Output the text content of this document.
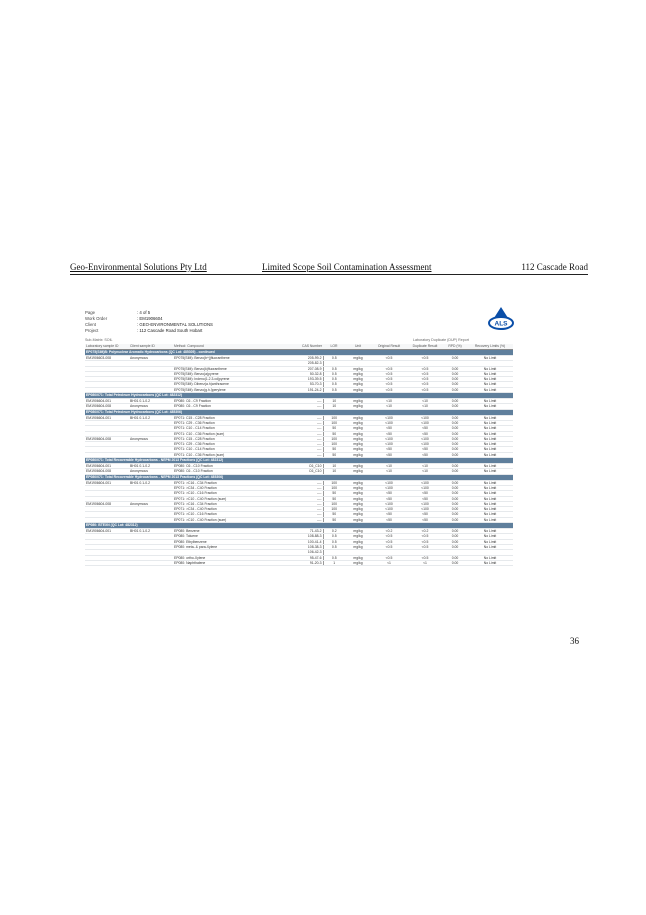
Geo-Environmental Solutions Pty Ltd	Limited Scope Soil Contamination Assessment	112 Cascade Road
Page	: 4 of 5
Work Order	: EM1906604
Client	: GEO-ENVIRONMENTAL SOLUTIONS
Project	: 112 Cascade Road South Hobart
ALS
Sub-Matrix: SOIL	Laboratory Duplicate (DUP) Report
Laboratory sample ID	Client sample ID	Method: Compound	CAS Number	LOR	Unit	Original Result	Duplicate Result	RPD (%)	Recovery Limits (%)
EP075(SIM)B: Polynuclear Aromatic Hydrocarbons (QC Lot: 485305) - continued									
EM1906603-008	Anonymous	EP075(SIM): Benzo(b+j)fluoranthene	205-99-2	0.5	mg/kg	<0.5	<0.5	0.00	No Limit
			205-82-3						
		EP075(SIM): Benzo(k)fluoranthene	207-08-9	0.5	mg/kg	<0.5	<0.5	0.00	No Limit
		EP075(SIM): Benzo(a)pyrene	50-32-8	0.5	mg/kg	<0.5	<0.5	0.00	No Limit
		EP075(SIM): Indeno(1.2.3.cd)pyrene	193-39-5	0.5	mg/kg	<0.5	<0.5	0.00	No Limit
		EP075(SIM): Dibenz(a.h)anthracene	53-70-3	0.5	mg/kg	<0.5	<0.5	0.00	No Limit
		EP075(SIM): Benzo(g.h.i)perylene	191-24-2	0.5	mg/kg	<0.5	<0.5	0.00	No Limit
EP080/071: Total Petroleum Hydrocarbons (QC Lot: 482312)									
EM1906604-001	BH01 0.1-0.2	EP080: C6 - C9 Fraction	----	10	mg/kg	<10	<10	0.00	No Limit
EM1906604-008	Anonymous	EP080: C6 - C9 Fraction	----	10	mg/kg	<10	<10	0.00	No Limit
EP080/071: Total Petroleum Hydrocarbons (QC Lot: 485306)									
EM1906604-001	BH01 0.1-0.2	EP071: C15 - C28 Fraction	----	100	mg/kg	<100	<100	0.00	No Limit
		EP071: C29 - C36 Fraction	----	100	mg/kg	<100	<100	0.00	No Limit
		EP071: C10 - C14 Fraction	----	50	mg/kg	<50	<50	0.00	No Limit
		EP071: C10 - C36 Fraction (sum)	----	50	mg/kg	<50	<50	0.00	No Limit
EM1906604-008	Anonymous	EP071: C15 - C28 Fraction	----	100	mg/kg	<100	<100	0.00	No Limit
		EP071: C29 - C36 Fraction	----	100	mg/kg	<100	<100	0.00	No Limit
		EP071: C10 - C14 Fraction	----	50	mg/kg	<50	<50	0.00	No Limit
		EP071: C10 - C36 Fraction (sum)	----	50	mg/kg	<50	<50	0.00	No Limit
EP080/071: Total Recoverable Hydrocarbons - NEPM 2013 Fractions (QC Lot: 482312)									
EM1906604-001	BH01 0.1-0.2	EP080: C6 - C10 Fraction	C6_C10	10	mg/kg	<10	<10	0.00	No Limit
EM1906604-008	Anonymous	EP080: C6 - C10 Fraction	C6_C10	10	mg/kg	<10	<10	0.00	No Limit
EP080/071: Total Recoverable Hydrocarbons - NEPM 2013 Fractions (QC Lot: 485306)									
EM1906604-001	BH01 0.1-0.2	EP071: >C16 - C34 Fraction	----	100	mg/kg	<100	<100	0.00	No Limit
		EP071: >C34 - C40 Fraction	----	100	mg/kg	<100	<100	0.00	No Limit
		EP071: >C10 - C16 Fraction	----	50	mg/kg	<50	<50	0.00	No Limit
		EP071: >C10 - C40 Fraction (sum)	----	50	mg/kg	<50	<50	0.00	No Limit
EM1906604-008	Anonymous	EP071: >C16 - C34 Fraction	----	100	mg/kg	<100	<100	0.00	No Limit
		EP071: >C34 - C40 Fraction	----	100	mg/kg	<100	<100	0.00	No Limit
		EP071: >C10 - C16 Fraction	----	50	mg/kg	<50	<50	0.00	No Limit
		EP071: >C10 - C40 Fraction (sum)	----	50	mg/kg	<50	<50	0.00	No Limit
EP080: BTEXN (QC Lot: 482312)									
EM1906604-001	BH01 0.1-0.2	EP080: Benzene	71-43-2	0.2	mg/kg	<0.2	<0.2	0.00	No Limit
		EP080: Toluene	108-88-3	0.5	mg/kg	<0.5	<0.5	0.00	No Limit
		EP080: Ethylbenzene	100-41-4	0.5	mg/kg	<0.5	<0.5	0.00	No Limit
		EP080: meta- & para-Xylene	108-38-3	0.5	mg/kg	<0.5	<0.5	0.00	No Limit
			106-42-3						
		EP080: ortho-Xylene	95-47-6	0.5	mg/kg	<0.5	<0.5	0.00	No Limit
		EP080: Naphthalene	91-20-3	1	mg/kg	<1	<1	0.00	No Limit
36
